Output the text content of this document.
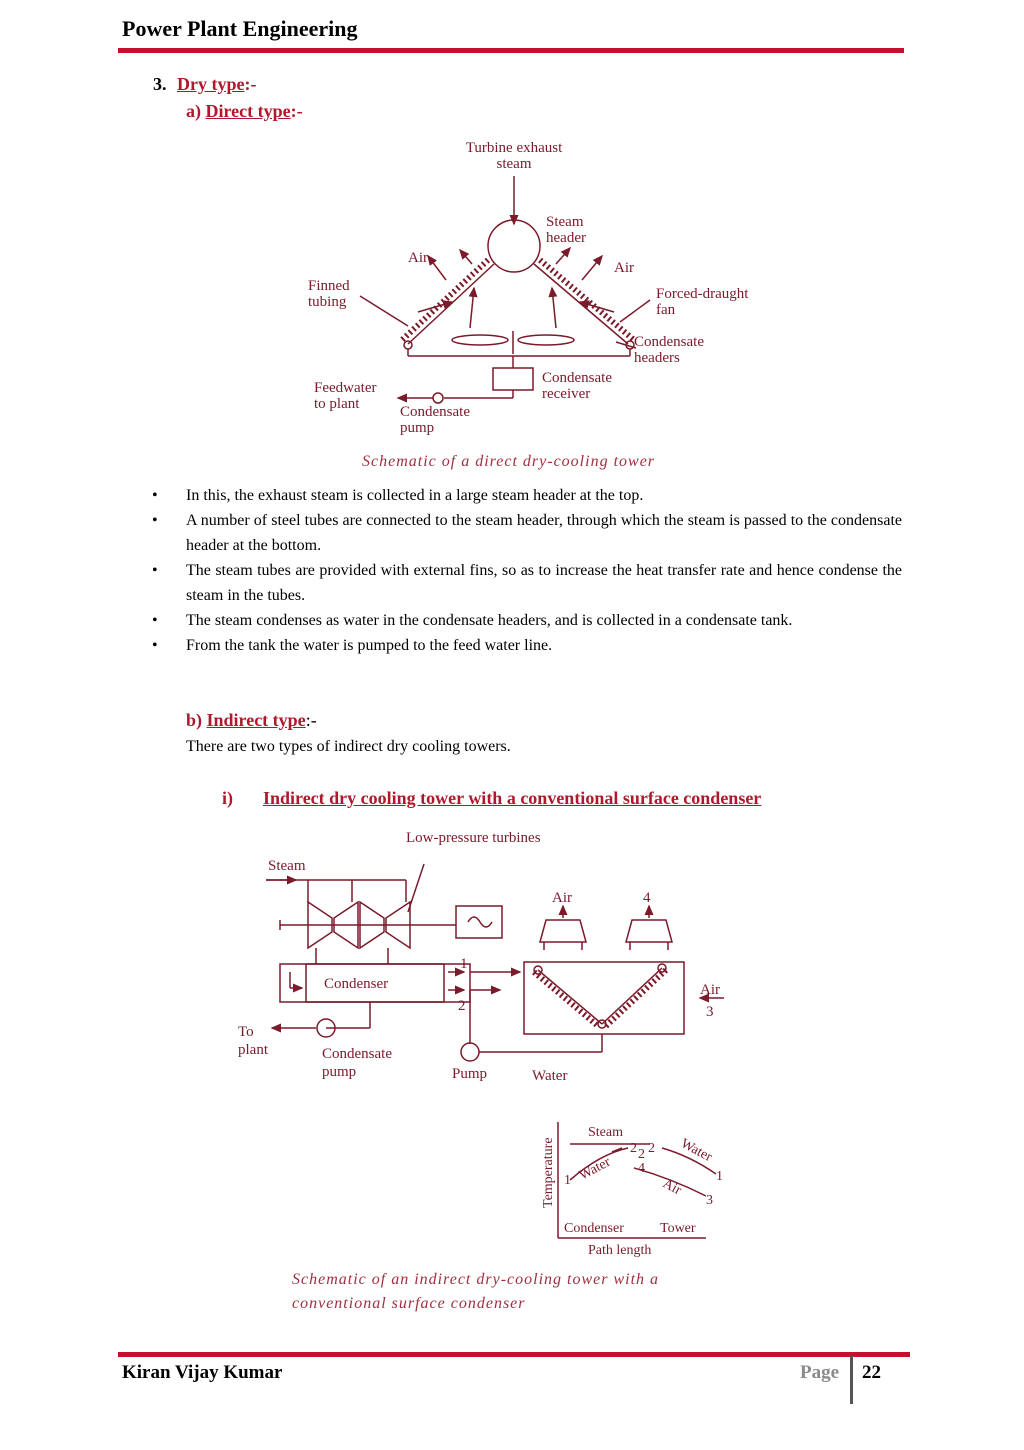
Power Plant Engineering
3. Dry type:-
a) Direct type:-
Turbine exhaust
steam
Steam
header
Air
Air
Finned
tubing	Forced-draught
fan
Condensate
headers
Condensate
receiver
Feedwater
to plant	Condensate
pump
Schematic of a direct dry-cooling tower
• In this, the exhaust steam is collected in a large steam header at the top.
• A number of steel tubes are connected to the steam header, through which the steam is passed to the condensate header at the bottom.
• The steam tubes are provided with external fins, so as to increase the heat transfer rate and hence condense the steam in the tubes.
• The steam condenses as water in the condensate headers, and is collected in a condensate tank.
• From the tank the water is pumped to the feed water line.
b) Indirect type:-
There are two types of indirect dry cooling towers.
i) Indirect dry cooling tower with a conventional surface condenser
Low-pressure turbines
Steam
Condenser
1
2
Air	4
Air
3
To
plant	Condensate
pump	Pump	Water
Steam
Temperature Water
Water
Air
1
2 2 2
4
1
3
Condenser	Tower
Path length
Schematic of an indirect dry-cooling tower with a
conventional surface condenser
Kiran Vijay Kumar	Page 22
